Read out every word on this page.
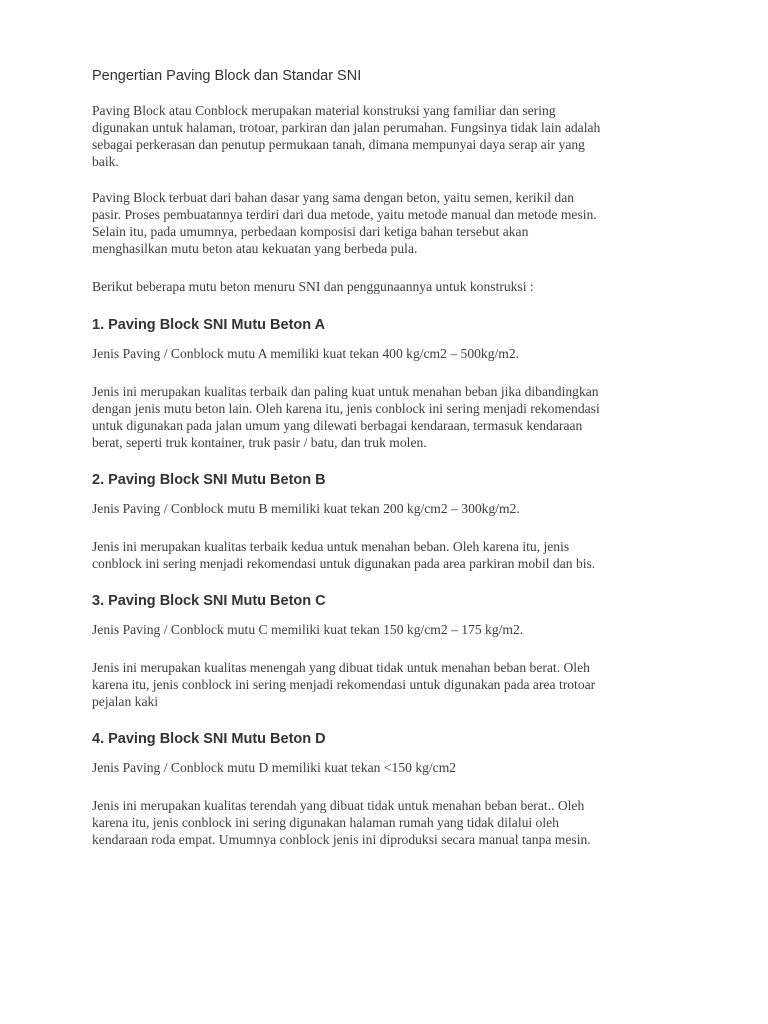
Pengertian Paving Block dan Standar SNI

Paving Block atau Conblock merupakan material konstruksi yang familiar dan sering
digunakan untuk halaman, trotoar, parkiran dan jalan perumahan. Fungsinya tidak lain adalah
sebagai perkerasan dan penutup permukaan tanah, dimana mempunyai daya serap air yang
baik.

Paving Block terbuat dari bahan dasar yang sama dengan beton, yaitu semen, kerikil dan
pasir. Proses pembuatannya terdiri dari dua metode, yaitu metode manual dan metode mesin.
Selain itu, pada umumnya, perbedaan komposisi dari ketiga bahan tersebut akan
menghasilkan mutu beton atau kekuatan yang berbeda pula.

Berikut beberapa mutu beton menuru SNI dan penggunaannya untuk konstruksi :

1. Paving Block SNI Mutu Beton A

Jenis Paving / Conblock mutu A memiliki kuat tekan 400 kg/cm2 – 500kg/m2.

Jenis ini merupakan kualitas terbaik dan paling kuat untuk menahan beban jika dibandingkan
dengan jenis mutu beton lain. Oleh karena itu, jenis conblock ini sering menjadi rekomendasi
untuk digunakan pada jalan umum yang dilewati berbagai kendaraan, termasuk kendaraan
berat, seperti truk kontainer, truk pasir / batu, dan truk molen.

2. Paving Block SNI Mutu Beton B

Jenis Paving / Conblock mutu B memiliki kuat tekan 200 kg/cm2 – 300kg/m2.

Jenis ini merupakan kualitas terbaik kedua untuk menahan beban. Oleh karena itu, jenis
conblock ini sering menjadi rekomendasi untuk digunakan pada area parkiran mobil dan bis.

3. Paving Block SNI Mutu Beton C

Jenis Paving / Conblock mutu C memiliki kuat tekan 150 kg/cm2 – 175 kg/m2.

Jenis ini merupakan kualitas menengah yang dibuat tidak untuk menahan beban berat. Oleh
karena itu, jenis conblock ini sering menjadi rekomendasi untuk digunakan pada area trotoar
pejalan kaki

4. Paving Block SNI Mutu Beton D

Jenis Paving / Conblock mutu D memiliki kuat tekan <150 kg/cm2

Jenis ini merupakan kualitas terendah yang dibuat tidak untuk menahan beban berat.. Oleh
karena itu, jenis conblock ini sering digunakan halaman rumah yang tidak dilalui oleh
kendaraan roda empat. Umumnya conblock jenis ini diproduksi secara manual tanpa mesin.
